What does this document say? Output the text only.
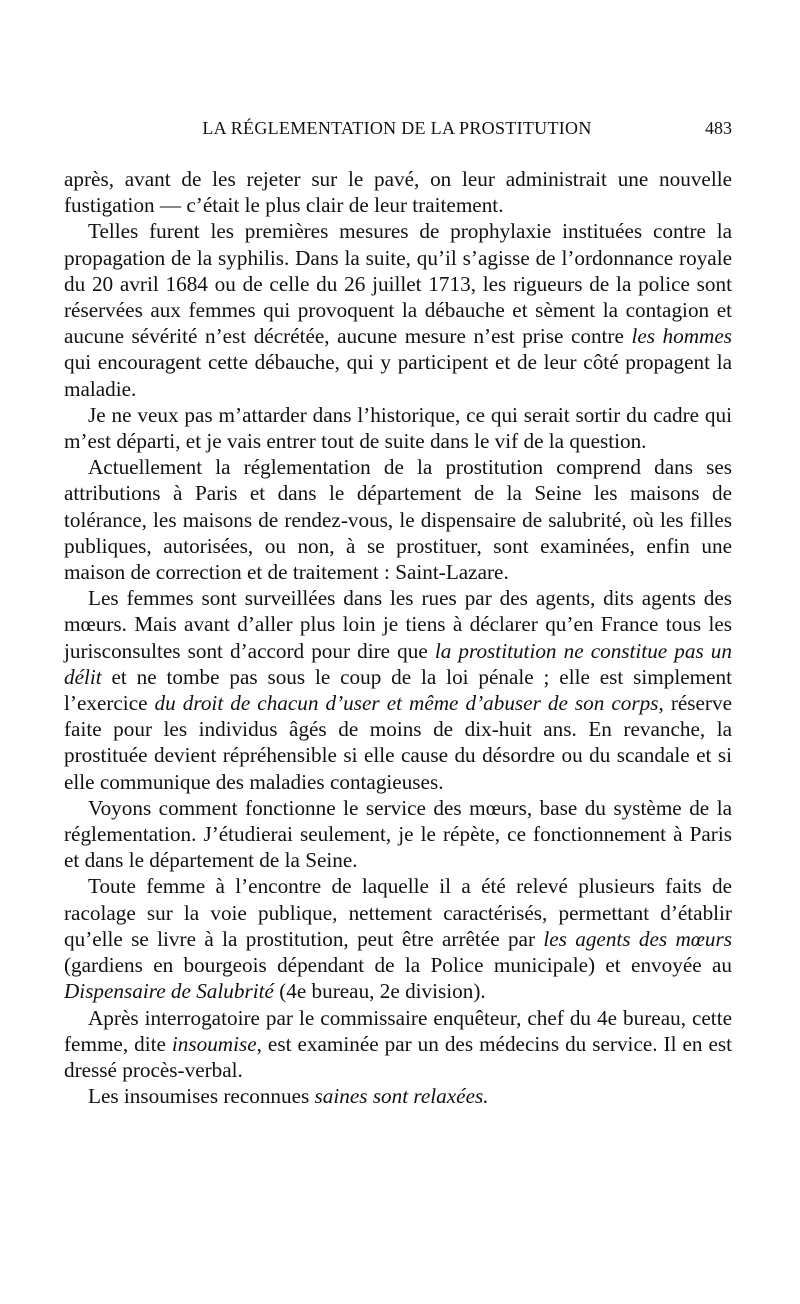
LA RÉGLEMENTATION DE LA PROSTITUTION	483

après, avant de les rejeter sur le pavé, on leur administrait une nouvelle fustigation — c’était le plus clair de leur traitement.

Telles furent les premières mesures de prophylaxie instituées contre la propagation de la syphilis. Dans la suite, qu’il s’agisse de l’ordonnance royale du 20 avril 1684 ou de celle du 26 juillet 1713, les rigueurs de la police sont réservées aux femmes qui provoquent la débauche et sèment la contagion et aucune sévérité n’est décrétée, aucune mesure n’est prise contre les hommes qui encouragent cette débauche, qui y participent et de leur côté propagent la maladie.

Je ne veux pas m’attarder dans l’historique, ce qui serait sortir du cadre qui m’est départi, et je vais entrer tout de suite dans le vif de la question.

Actuellement la réglementation de la prostitution comprend dans ses attributions à Paris et dans le département de la Seine les maisons de tolérance, les maisons de rendez-vous, le dispensaire de salubrité, où les filles publiques, autorisées, ou non, à se prostituer, sont examinées, enfin une maison de correction et de traitement : Saint-Lazare.

Les femmes sont surveillées dans les rues par des agents, dits agents des mœurs. Mais avant d’aller plus loin je tiens à déclarer qu’en France tous les jurisconsultes sont d’accord pour dire que la prostitution ne constitue pas un délit et ne tombe pas sous le coup de la loi pénale ; elle est simplement l’exercice du droit de chacun d’user et même d’abuser de son corps, réserve faite pour les individus âgés de moins de dix-huit ans. En revanche, la prostituée devient répréhensible si elle cause du désordre ou du scandale et si elle communique des maladies contagieuses.

Voyons comment fonctionne le service des mœurs, base du système de la réglementation. J’étudierai seulement, je le répète, ce fonctionnement à Paris et dans le département de la Seine.

Toute femme à l’encontre de laquelle il a été relevé plusieurs faits de racolage sur la voie publique, nettement caractérisés, permettant d’établir qu’elle se livre à la prostitution, peut être arrêtée par les agents des mœurs (gardiens en bourgeois dépendant de la Police municipale) et envoyée au Dispensaire de Salubrité (4e bureau, 2e division).

Après interrogatoire par le commissaire enquêteur, chef du 4e bureau, cette femme, dite insoumise, est examinée par un des médecins du service. Il en est dressé procès-verbal.

Les insoumises reconnues saines sont relaxées.
